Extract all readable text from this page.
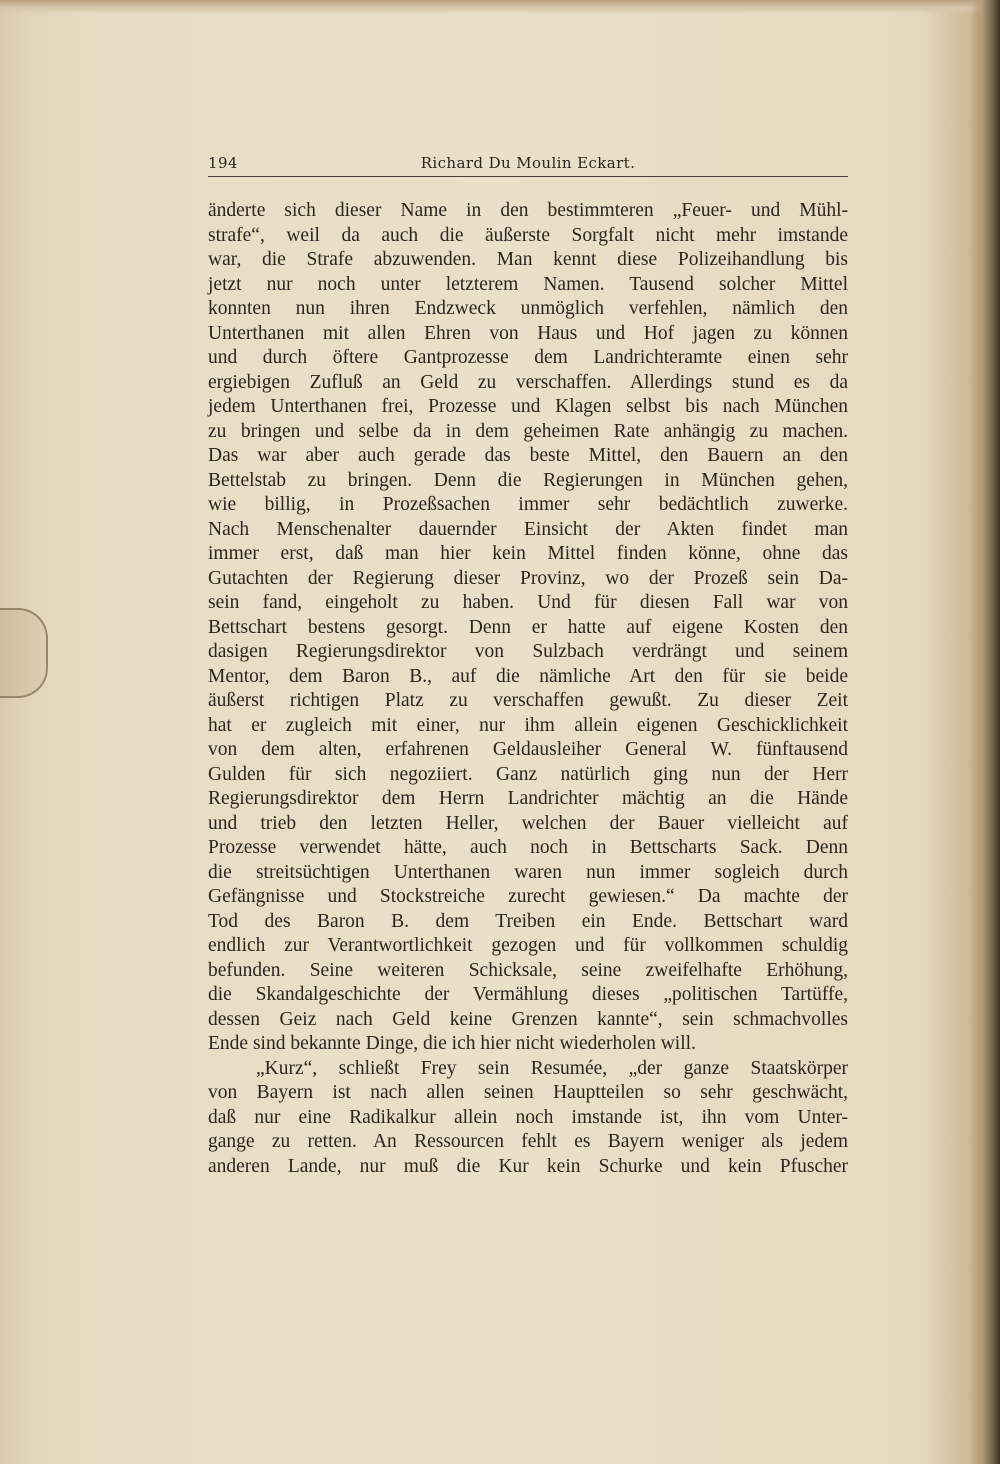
194	Richard Du Moulin Eckart.
änderte sich dieser Name in den bestimmteren „Feuer- und Mühl-
strafe“, weil da auch die äußerste Sorgfalt nicht mehr imstande
war, die Strafe abzuwenden. Man kennt diese Polizeihandlung bis
jetzt nur noch unter letzterem Namen. Tausend solcher Mittel
konnten nun ihren Endzweck unmöglich verfehlen, nämlich den
Unterthanen mit allen Ehren von Haus und Hof jagen zu können
und durch öftere Gantprozesse dem Landrichteramte einen sehr
ergiebigen Zufluß an Geld zu verschaffen. Allerdings stund es da
jedem Unterthanen frei, Prozesse und Klagen selbst bis nach München
zu bringen und selbe da in dem geheimen Rate anhängig zu machen.
Das war aber auch gerade das beste Mittel, den Bauern an den
Bettelstab zu bringen. Denn die Regierungen in München gehen,
wie billig, in Prozeßsachen immer sehr bedächtlich zuwerke.
Nach Menschenalter dauernder Einsicht der Akten findet man
immer erst, daß man hier kein Mittel finden könne, ohne das
Gutachten der Regierung dieser Provinz, wo der Prozeß sein Da-
sein fand, eingeholt zu haben. Und für diesen Fall war von
Bettschart bestens gesorgt. Denn er hatte auf eigene Kosten den
dasigen Regierungsdirektor von Sulzbach verdrängt und seinem
Mentor, dem Baron B., auf die nämliche Art den für sie beide
äußerst richtigen Platz zu verschaffen gewußt. Zu dieser Zeit
hat er zugleich mit einer, nur ihm allein eigenen Geschicklichkeit
von dem alten, erfahrenen Geldausleiher General W. fünftausend
Gulden für sich negoziiert. Ganz natürlich ging nun der Herr
Regierungsdirektor dem Herrn Landrichter mächtig an die Hände
und trieb den letzten Heller, welchen der Bauer vielleicht auf
Prozesse verwendet hätte, auch noch in Bettscharts Sack. Denn
die streitsüchtigen Unterthanen waren nun immer sogleich durch
Gefängnisse und Stockstreiche zurecht gewiesen.“ Da machte der
Tod des Baron B. dem Treiben ein Ende. Bettschart ward
endlich zur Verantwortlichkeit gezogen und für vollkommen schuldig
befunden. Seine weiteren Schicksale, seine zweifelhafte Erhöhung,
die Skandalgeschichte der Vermählung dieses „politischen Tartüffe,
dessen Geiz nach Geld keine Grenzen kannte“, sein schmachvolles
Ende sind bekannte Dinge, die ich hier nicht wiederholen will.
„Kurz“, schließt Frey sein Resumée, „der ganze Staatskörper
von Bayern ist nach allen seinen Hauptteilen so sehr geschwächt,
daß nur eine Radikalkur allein noch imstande ist, ihn vom Unter-
gange zu retten. An Ressourcen fehlt es Bayern weniger als jedem
anderen Lande, nur muß die Kur kein Schurke und kein Pfuscher
